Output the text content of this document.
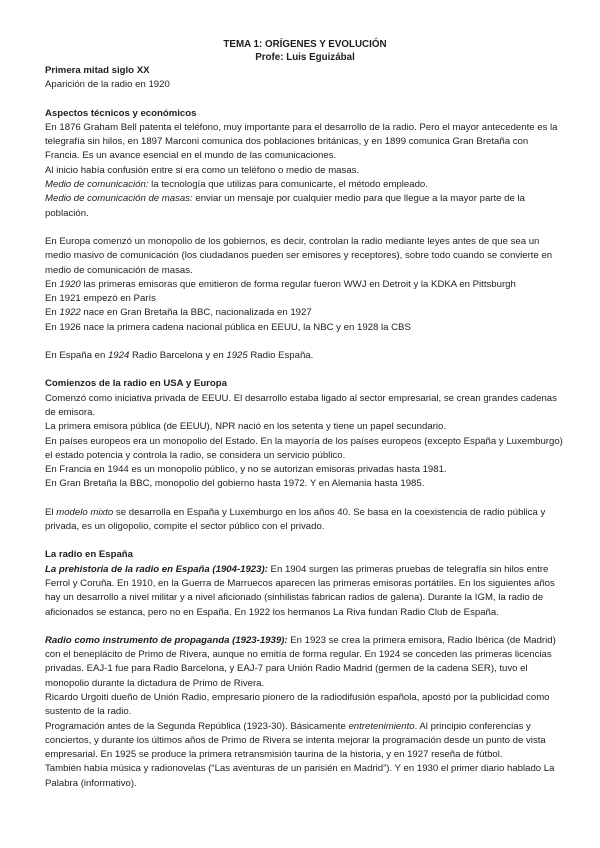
TEMA 1: ORÍGENES Y EVOLUCIÓN
Profe: Luis Eguizábal

Primera mitad siglo XX

Aparición de la radio en 1920

Aspectos técnicos y económicos

En 1876 Graham Bell patenta el teléfono, muy importante para el desarrollo de la radio. Pero el mayor antecedente es la telegrafía sin hilos, en 1897 Marconi comunica dos poblaciones británicas, y en 1899 comunica Gran Bretaña con Francia. Es un avance esencial en el mundo de las comunicaciones.

Al inicio había confusión entre si era como un teléfono o medio de masas.

Medio de comunicación: la tecnología que utilizas para comunicarte, el método empleado.

Medio de comunicación de masas: enviar un mensaje por cualquier medio para que llegue a la mayor parte de la población.

En Europa comenzó un monopolio de los gobiernos, es decir, controlan la radio mediante leyes antes de que sea un medio masivo de comunicación (los ciudadanos pueden ser emisores y receptores), sobre todo cuando se convierte en medio de comunicación de masas.

En 1920 las primeras emisoras que emitieron de forma regular fueron WWJ en Detroit y la KDKA en Pittsburgh

En 1921 empezó en París

En 1922 nace en Gran Bretaña la BBC, nacionalizada en 1927

En 1926 nace la primera cadena nacional pública en EEUU, la NBC y en 1928 la CBS

En España en 1924 Radio Barcelona y en 1925 Radio España.

Comienzos de la radio en USA y Europa

Comenzó como iniciativa privada de EEUU. El desarrollo estaba ligado al sector empresarial, se crean grandes cadenas de emisora.

La primera emisora pública (de EEUU), NPR nació en los setenta y tiene un papel secundario.

En países europeos era un monopolio del Estado. En la mayoría de los países europeos (excepto España y Luxemburgo) el estado potencia y controla la radio, se considera un servicio público.

En Francia en 1944 es un monopolio público, y no se autorizan emisoras privadas hasta 1981.

En Gran Bretaña la BBC, monopolio del gobierno hasta 1972. Y en Alemania hasta 1985.

El modelo mixto se desarrolla en España y Luxemburgo en los años 40. Se basa en la coexistencia de radio pública y privada, es un oligopolio, compite el sector público con el privado.

La radio en España

La prehistoria de la radio en España (1904-1923): En 1904 surgen las primeras pruebas de telegrafía sin hilos entre Ferrol y Coruña. En 1910, en la Guerra de Marruecos aparecen las primeras emisoras portátiles. En los siguientes años hay un desarrollo a nivel militar y a nivel aficionado (sinhilistas fabrican radios de galena). Durante la IGM, la radio de aficionados se estanca, pero no en España. En 1922 los hermanos La Riva fundan Radio Club de España.

Radio como instrumento de propaganda (1923-1939): En 1923 se crea la primera emisora, Radio Ibérica (de Madrid) con el beneplácito de Primo de Rivera, aunque no emitía de forma regular. En 1924 se conceden las primeras licencias privadas. EAJ-1 fue para Radio Barcelona, y EAJ-7 para Unión Radio Madrid (germen de la cadena SER), tuvo el monopolio durante la dictadura de Primo de Rivera.

Ricardo Urgoiti dueño de Unión Radio, empresario pionero de la radiodifusión española, apostó por la publicidad como sustento de la radio.

Programación antes de la Segunda República (1923-30). Básicamente entretenimiento. Al principio conferencias y conciertos, y durante los últimos años de Primo de Rivera se intenta mejorar la programación desde un punto de vista empresarial. En 1925 se produce la primera retransmisión taurina de la historia, y en 1927 reseña de fútbol.

También había música y radionovelas (“Las aventuras de un parisién en Madrid”). Y en 1930 el primer diario hablado La Palabra (informativo).
